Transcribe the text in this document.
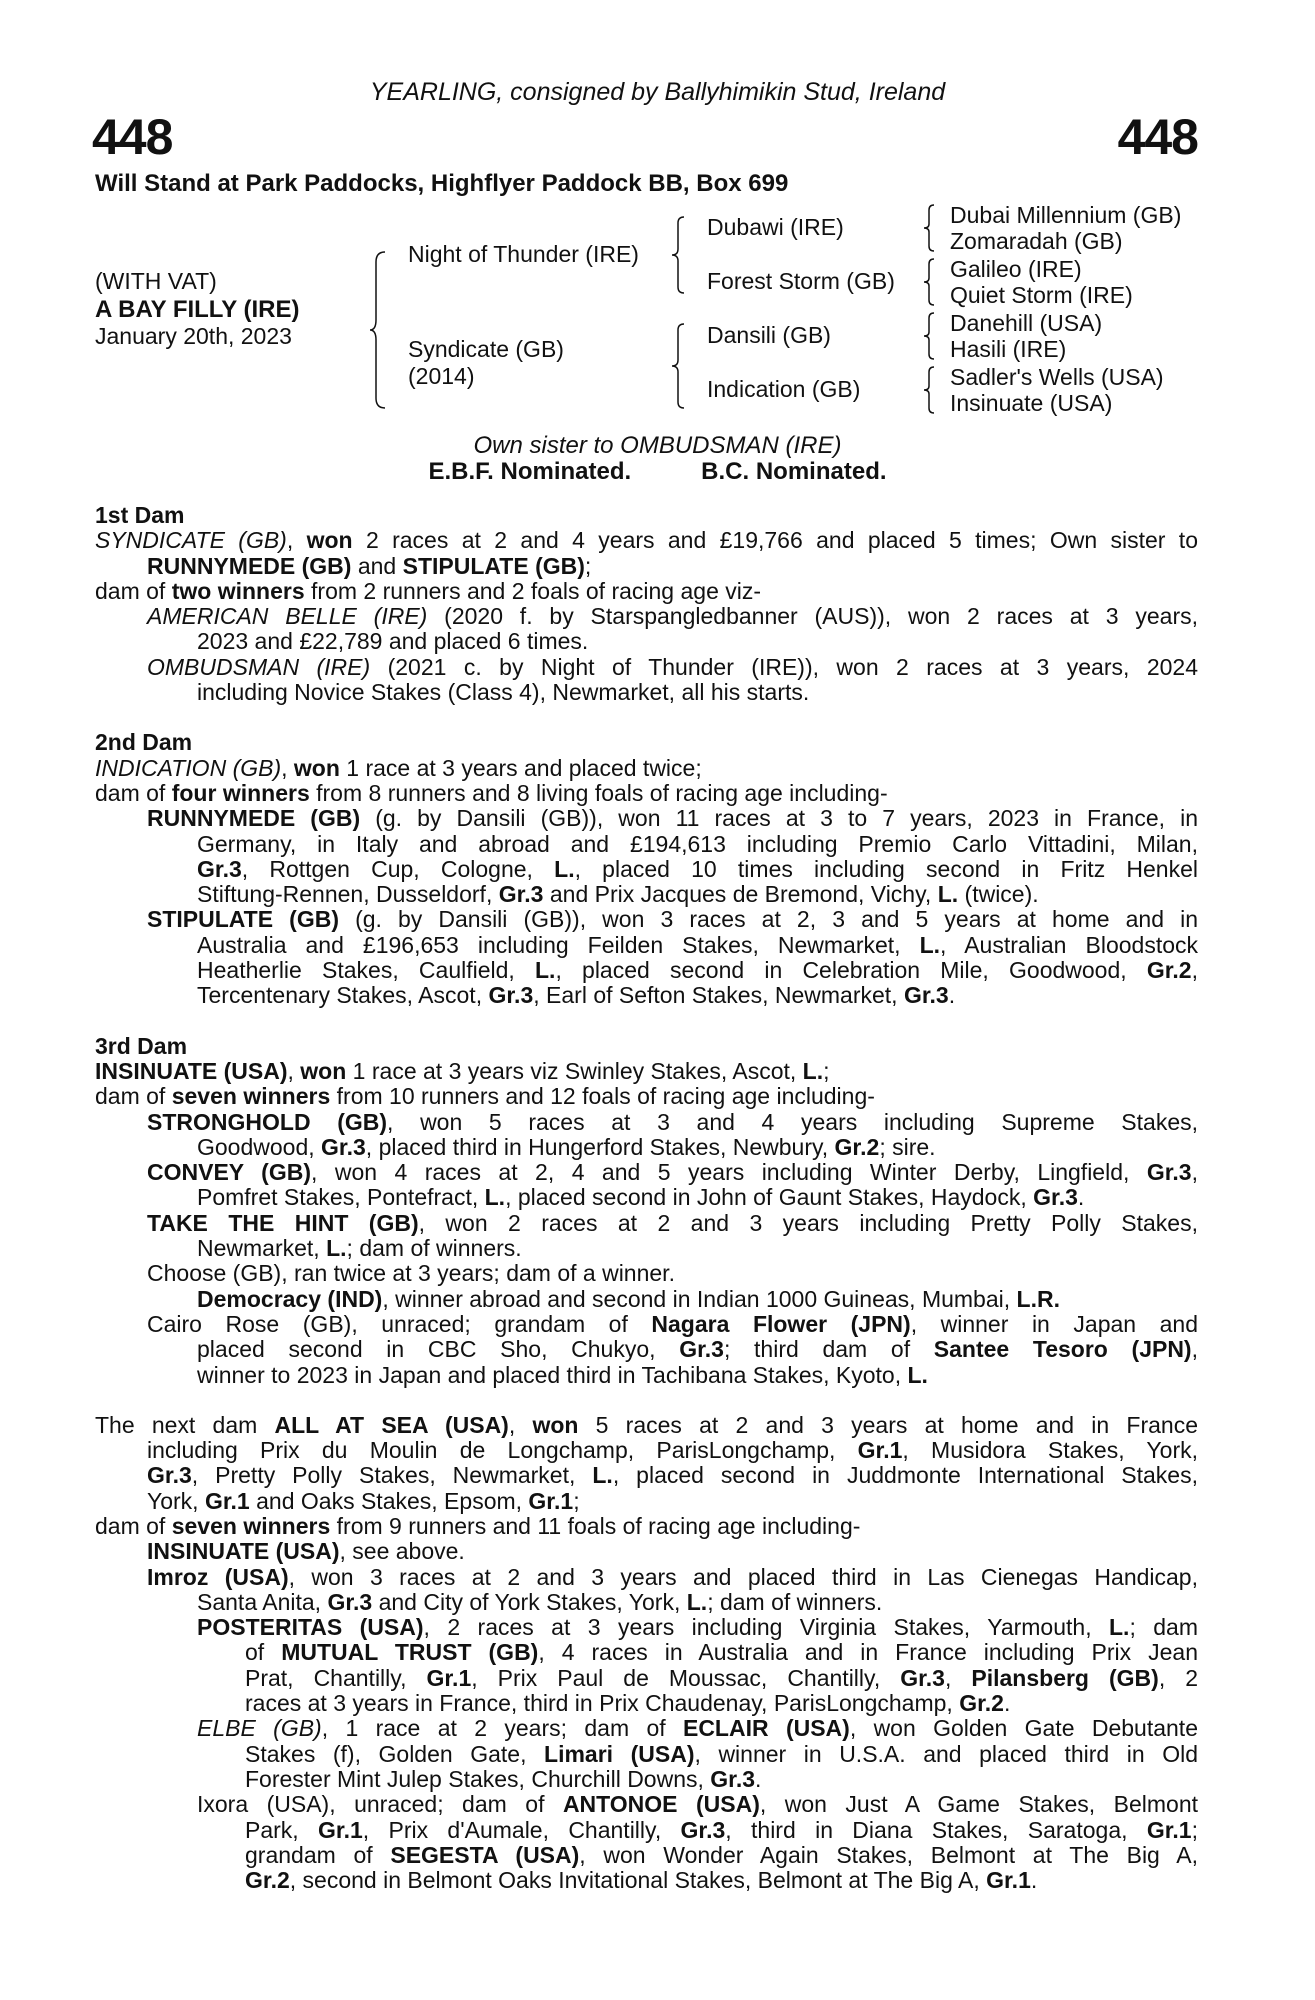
YEARLING, consigned by Ballyhimikin Stud, Ireland
448	448
Will Stand at Park Paddocks, Highflyer Paddock BB, Box 699
(WITH VAT)
A BAY FILLY (IRE)
January 20th, 2023
Night of Thunder (IRE)
Syndicate (GB)
(2014)
Dubawi (IRE)
Forest Storm (GB)
Dansili (GB)
Indication (GB)
Dubai Millennium (GB)
Zomaradah (GB)
Galileo (IRE)
Quiet Storm (IRE)
Danehill (USA)
Hasili (IRE)
Sadler's Wells (USA)
Insinuate (USA)
Own sister to OMBUDSMAN (IRE)
E.B.F. Nominated.	B.C. Nominated.
1st Dam
SYNDICATE (GB), won 2 races at 2 and 4 years and £19,766 and placed 5 times; Own sister to
RUNNYMEDE (GB) and STIPULATE (GB);
dam of two winners from 2 runners and 2 foals of racing age viz-
AMERICAN BELLE (IRE) (2020 f. by Starspangledbanner (AUS)), won 2 races at 3 years,
2023 and £22,789 and placed 6 times.
OMBUDSMAN (IRE) (2021 c. by Night of Thunder (IRE)), won 2 races at 3 years, 2024
including Novice Stakes (Class 4), Newmarket, all his starts.
2nd Dam
INDICATION (GB), won 1 race at 3 years and placed twice;
dam of four winners from 8 runners and 8 living foals of racing age including-
RUNNYMEDE (GB) (g. by Dansili (GB)), won 11 races at 3 to 7 years, 2023 in France, in
Germany, in Italy and abroad and £194,613 including Premio Carlo Vittadini, Milan,
Gr.3, Rottgen Cup, Cologne, L., placed 10 times including second in Fritz Henkel
Stiftung-Rennen, Dusseldorf, Gr.3 and Prix Jacques de Bremond, Vichy, L. (twice).
STIPULATE (GB) (g. by Dansili (GB)), won 3 races at 2, 3 and 5 years at home and in
Australia and £196,653 including Feilden Stakes, Newmarket, L., Australian Bloodstock
Heatherlie Stakes, Caulfield, L., placed second in Celebration Mile, Goodwood, Gr.2,
Tercentenary Stakes, Ascot, Gr.3, Earl of Sefton Stakes, Newmarket, Gr.3.
3rd Dam
INSINUATE (USA), won 1 race at 3 years viz Swinley Stakes, Ascot, L.;
dam of seven winners from 10 runners and 12 foals of racing age including-
STRONGHOLD (GB), won 5 races at 3 and 4 years including Supreme Stakes,
Goodwood, Gr.3, placed third in Hungerford Stakes, Newbury, Gr.2; sire.
CONVEY (GB), won 4 races at 2, 4 and 5 years including Winter Derby, Lingfield, Gr.3,
Pomfret Stakes, Pontefract, L., placed second in John of Gaunt Stakes, Haydock, Gr.3.
TAKE THE HINT (GB), won 2 races at 2 and 3 years including Pretty Polly Stakes,
Newmarket, L.; dam of winners.
Choose (GB), ran twice at 3 years; dam of a winner.
Democracy (IND), winner abroad and second in Indian 1000 Guineas, Mumbai, L.R.
Cairo Rose (GB), unraced; grandam of Nagara Flower (JPN), winner in Japan and
placed second in CBC Sho, Chukyo, Gr.3; third dam of Santee Tesoro (JPN),
winner to 2023 in Japan and placed third in Tachibana Stakes, Kyoto, L.
The next dam ALL AT SEA (USA), won 5 races at 2 and 3 years at home and in France
including Prix du Moulin de Longchamp, ParisLongchamp, Gr.1, Musidora Stakes, York,
Gr.3, Pretty Polly Stakes, Newmarket, L., placed second in Juddmonte International Stakes,
York, Gr.1 and Oaks Stakes, Epsom, Gr.1;
dam of seven winners from 9 runners and 11 foals of racing age including-
INSINUATE (USA), see above.
Imroz (USA), won 3 races at 2 and 3 years and placed third in Las Cienegas Handicap,
Santa Anita, Gr.3 and City of York Stakes, York, L.; dam of winners.
POSTERITAS (USA), 2 races at 3 years including Virginia Stakes, Yarmouth, L.; dam
of MUTUAL TRUST (GB), 4 races in Australia and in France including Prix Jean
Prat, Chantilly, Gr.1, Prix Paul de Moussac, Chantilly, Gr.3, Pilansberg (GB), 2
races at 3 years in France, third in Prix Chaudenay, ParisLongchamp, Gr.2.
ELBE (GB), 1 race at 2 years; dam of ECLAIR (USA), won Golden Gate Debutante
Stakes (f), Golden Gate, Limari (USA), winner in U.S.A. and placed third in Old
Forester Mint Julep Stakes, Churchill Downs, Gr.3.
Ixora (USA), unraced; dam of ANTONOE (USA), won Just A Game Stakes, Belmont
Park, Gr.1, Prix d'Aumale, Chantilly, Gr.3, third in Diana Stakes, Saratoga, Gr.1;
grandam of SEGESTA (USA), won Wonder Again Stakes, Belmont at The Big A,
Gr.2, second in Belmont Oaks Invitational Stakes, Belmont at The Big A, Gr.1.
